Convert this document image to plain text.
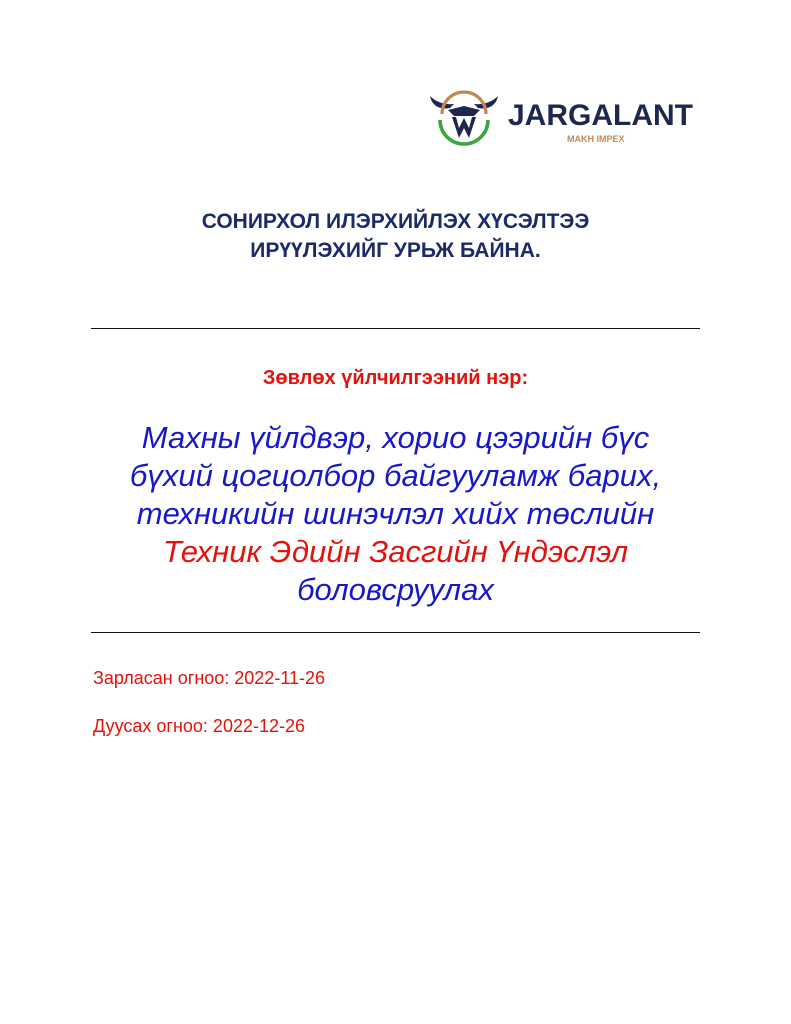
JARGALANT
MAKH IMPEX
СОНИРХОЛ ИЛЭРХИЙЛЭХ ХҮСЭЛТЭЭ
ИРҮҮЛЭХИЙГ УРЬЖ БАЙНА.
Зөвлөх үйлчилгээний нэр:
Махны үйлдвэр, хорио цээрийн бүс
бүхий цогцолбор байгууламж барих,
техникийн шинэчлэл хийх төслийн
Техник Эдийн Засгийн Үндэслэл
боловсруулах
Зарласан огноо: 2022-11-26
Дуусах огноо: 2022-12-26
